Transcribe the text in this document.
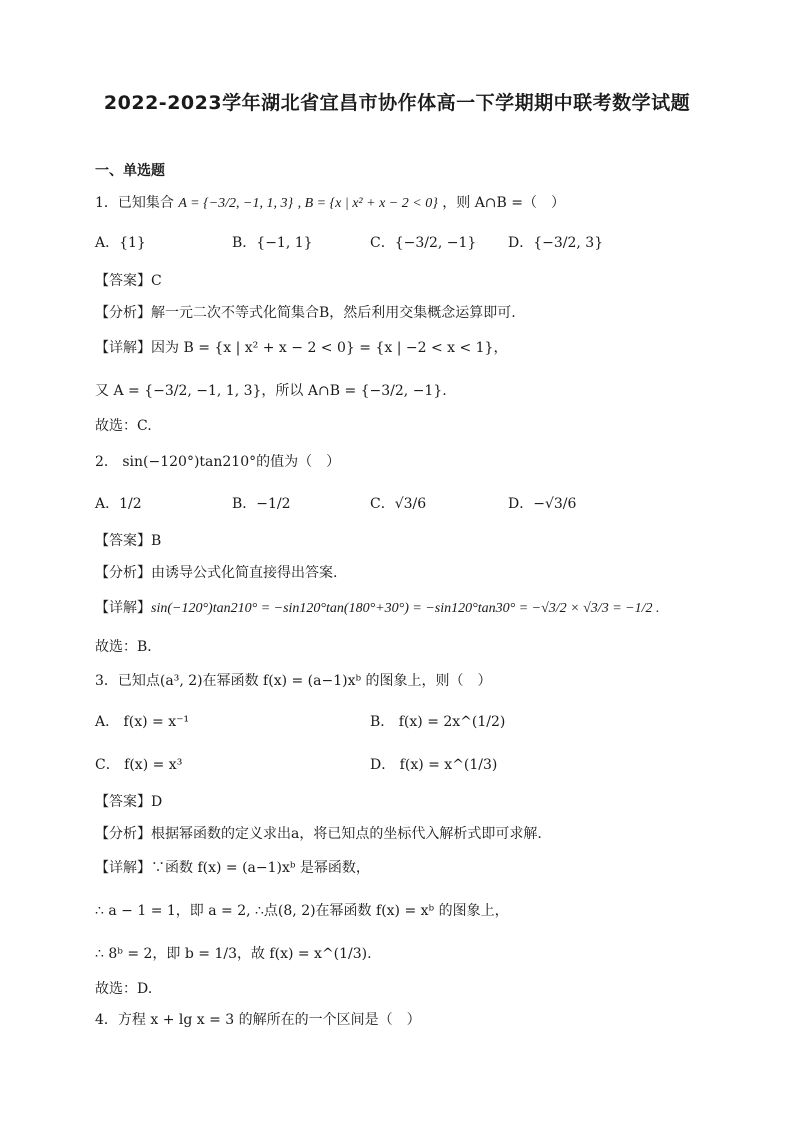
2022-2023学年湖北省宜昌市协作体高一下学期期中联考数学试题
一、单选题
1．已知集合 A = {−3/2, −1, 1, 3} , B = {x | x² + x − 2 < 0} ，则 A∩B =（　）
A．{1}	B．{−1, 1}	C．{−3/2, −1} D．{−3/2, 3}
【答案】C
【分析】解一元二次不等式化简集合B，然后利用交集概念运算即可.
【详解】因为 B = {x | x² + x − 2 < 0} = {x | −2 < x < 1}，
又 A = {−3/2, −1, 1, 3}，所以 A∩B = {−3/2, −1}.
故选：C.
2． sin(−120°)tan210°的值为（　）
A．1/2	B．−1/2	C．√3/6	D．−√3/6
【答案】B
【分析】由诱导公式化简直接得出答案.
【详解】sin(−120°)tan210° = −sin120°tan(180°+30°) = −sin120°tan30° = −√3/2 × √3/3 = −1/2 .
故选：B．
3．已知点(a³, 2)在幂函数 f(x) = (a−1)xᵇ 的图象上，则（　）
A． f(x) = x⁻¹	B． f(x) = 2x^(1/2)
C． f(x) = x³	D． f(x) = x^(1/3)
【答案】D
【分析】根据幂函数的定义求出a，将已知点的坐标代入解析式即可求解.
【详解】∵函数 f(x) = (a−1)xᵇ 是幂函数，
∴ a − 1 = 1，即 a = 2, ∴点(8, 2)在幂函数 f(x) = xᵇ 的图象上，
∴ 8ᵇ = 2，即 b = 1/3，故 f(x) = x^(1/3).
故选：D.
4．方程 x + lg x = 3 的解所在的一个区间是（　）
